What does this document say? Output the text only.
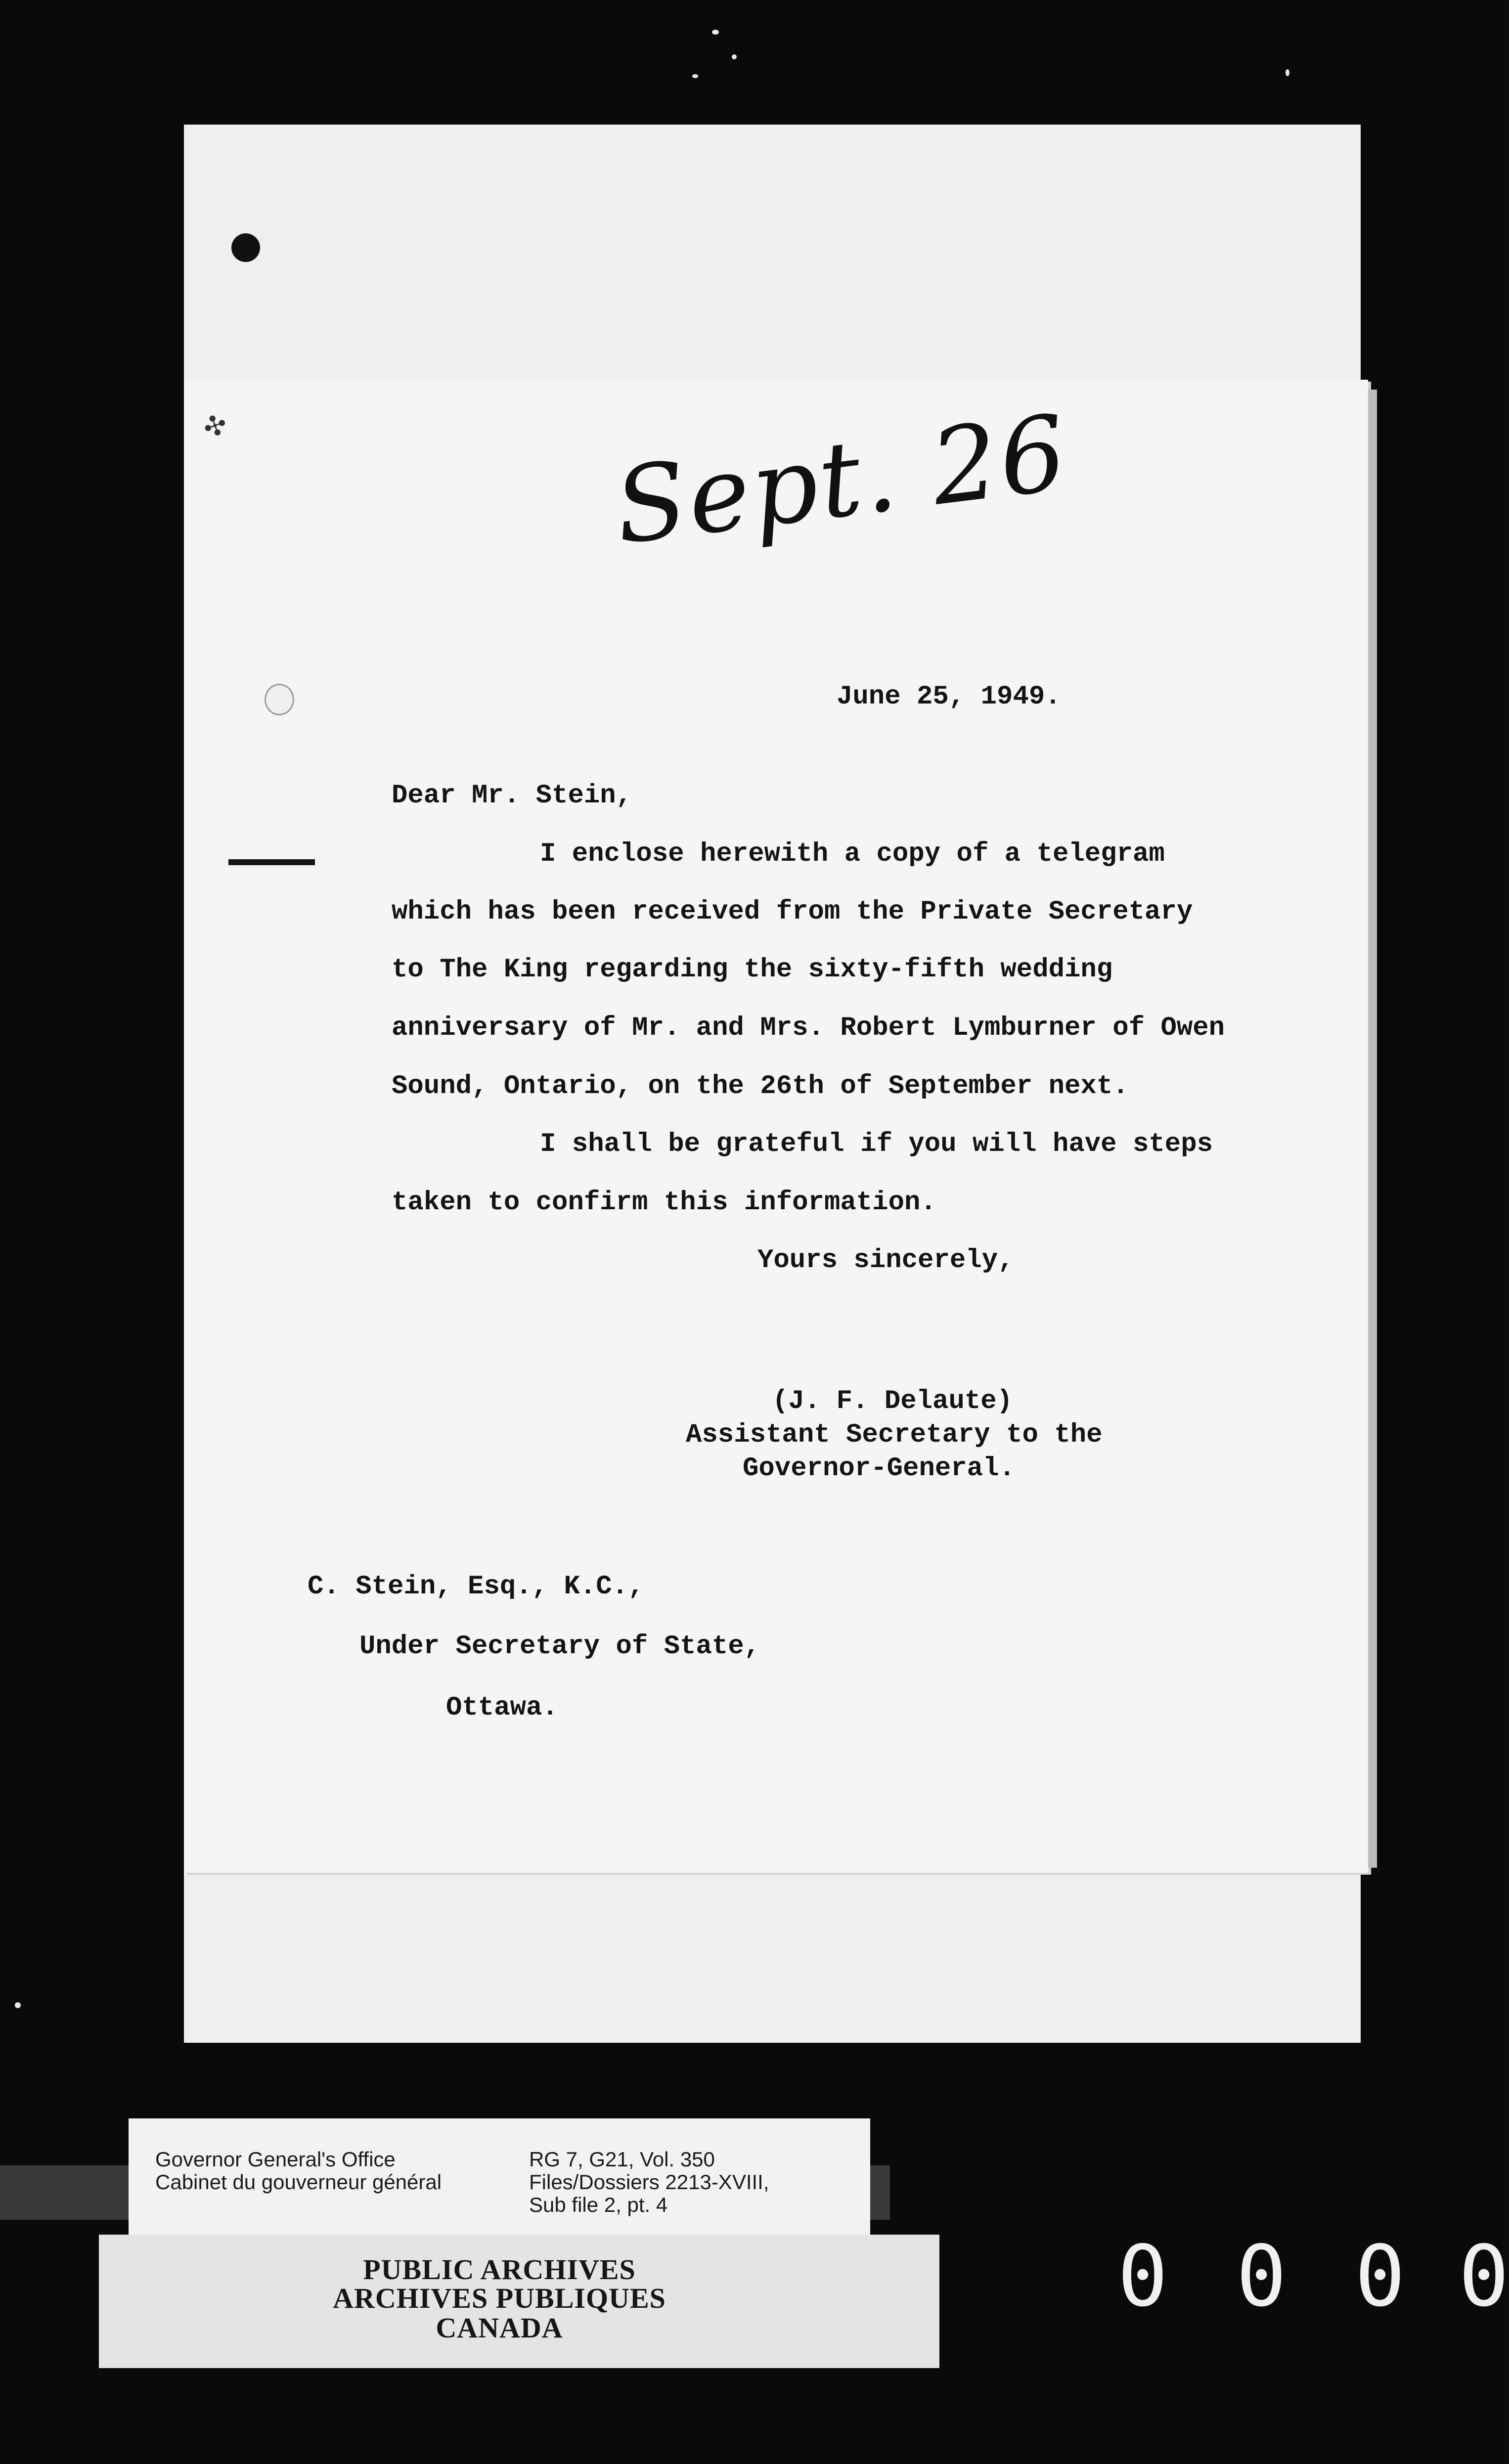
✣	Sept. 26
June 25, 1949.
Dear Mr. Stein,
I enclose herewith a copy of a telegram
which has been received from the Private Secretary
to The King regarding the sixty-fifth wedding
anniversary of Mr. and Mrs. Robert Lymburner of Owen
Sound, Ontario, on the 26th of September next.
I shall be grateful if you will have steps
taken to confirm this information.
Yours sincerely,
(J. F. Delaute)
Assistant Secretary to the
Governor-General.
C. Stein, Esq., K.C.,
Under Secretary of State,
Ottawa.
Governor General's Office
Cabinet du gouverneur général
RG 7, G21, Vol. 350
Files/Dossiers 2213-XVIII,
Sub file 2, pt. 4
PUBLIC ARCHIVES
ARCHIVES PUBLIQUES
CANADA
0 0 0 0
